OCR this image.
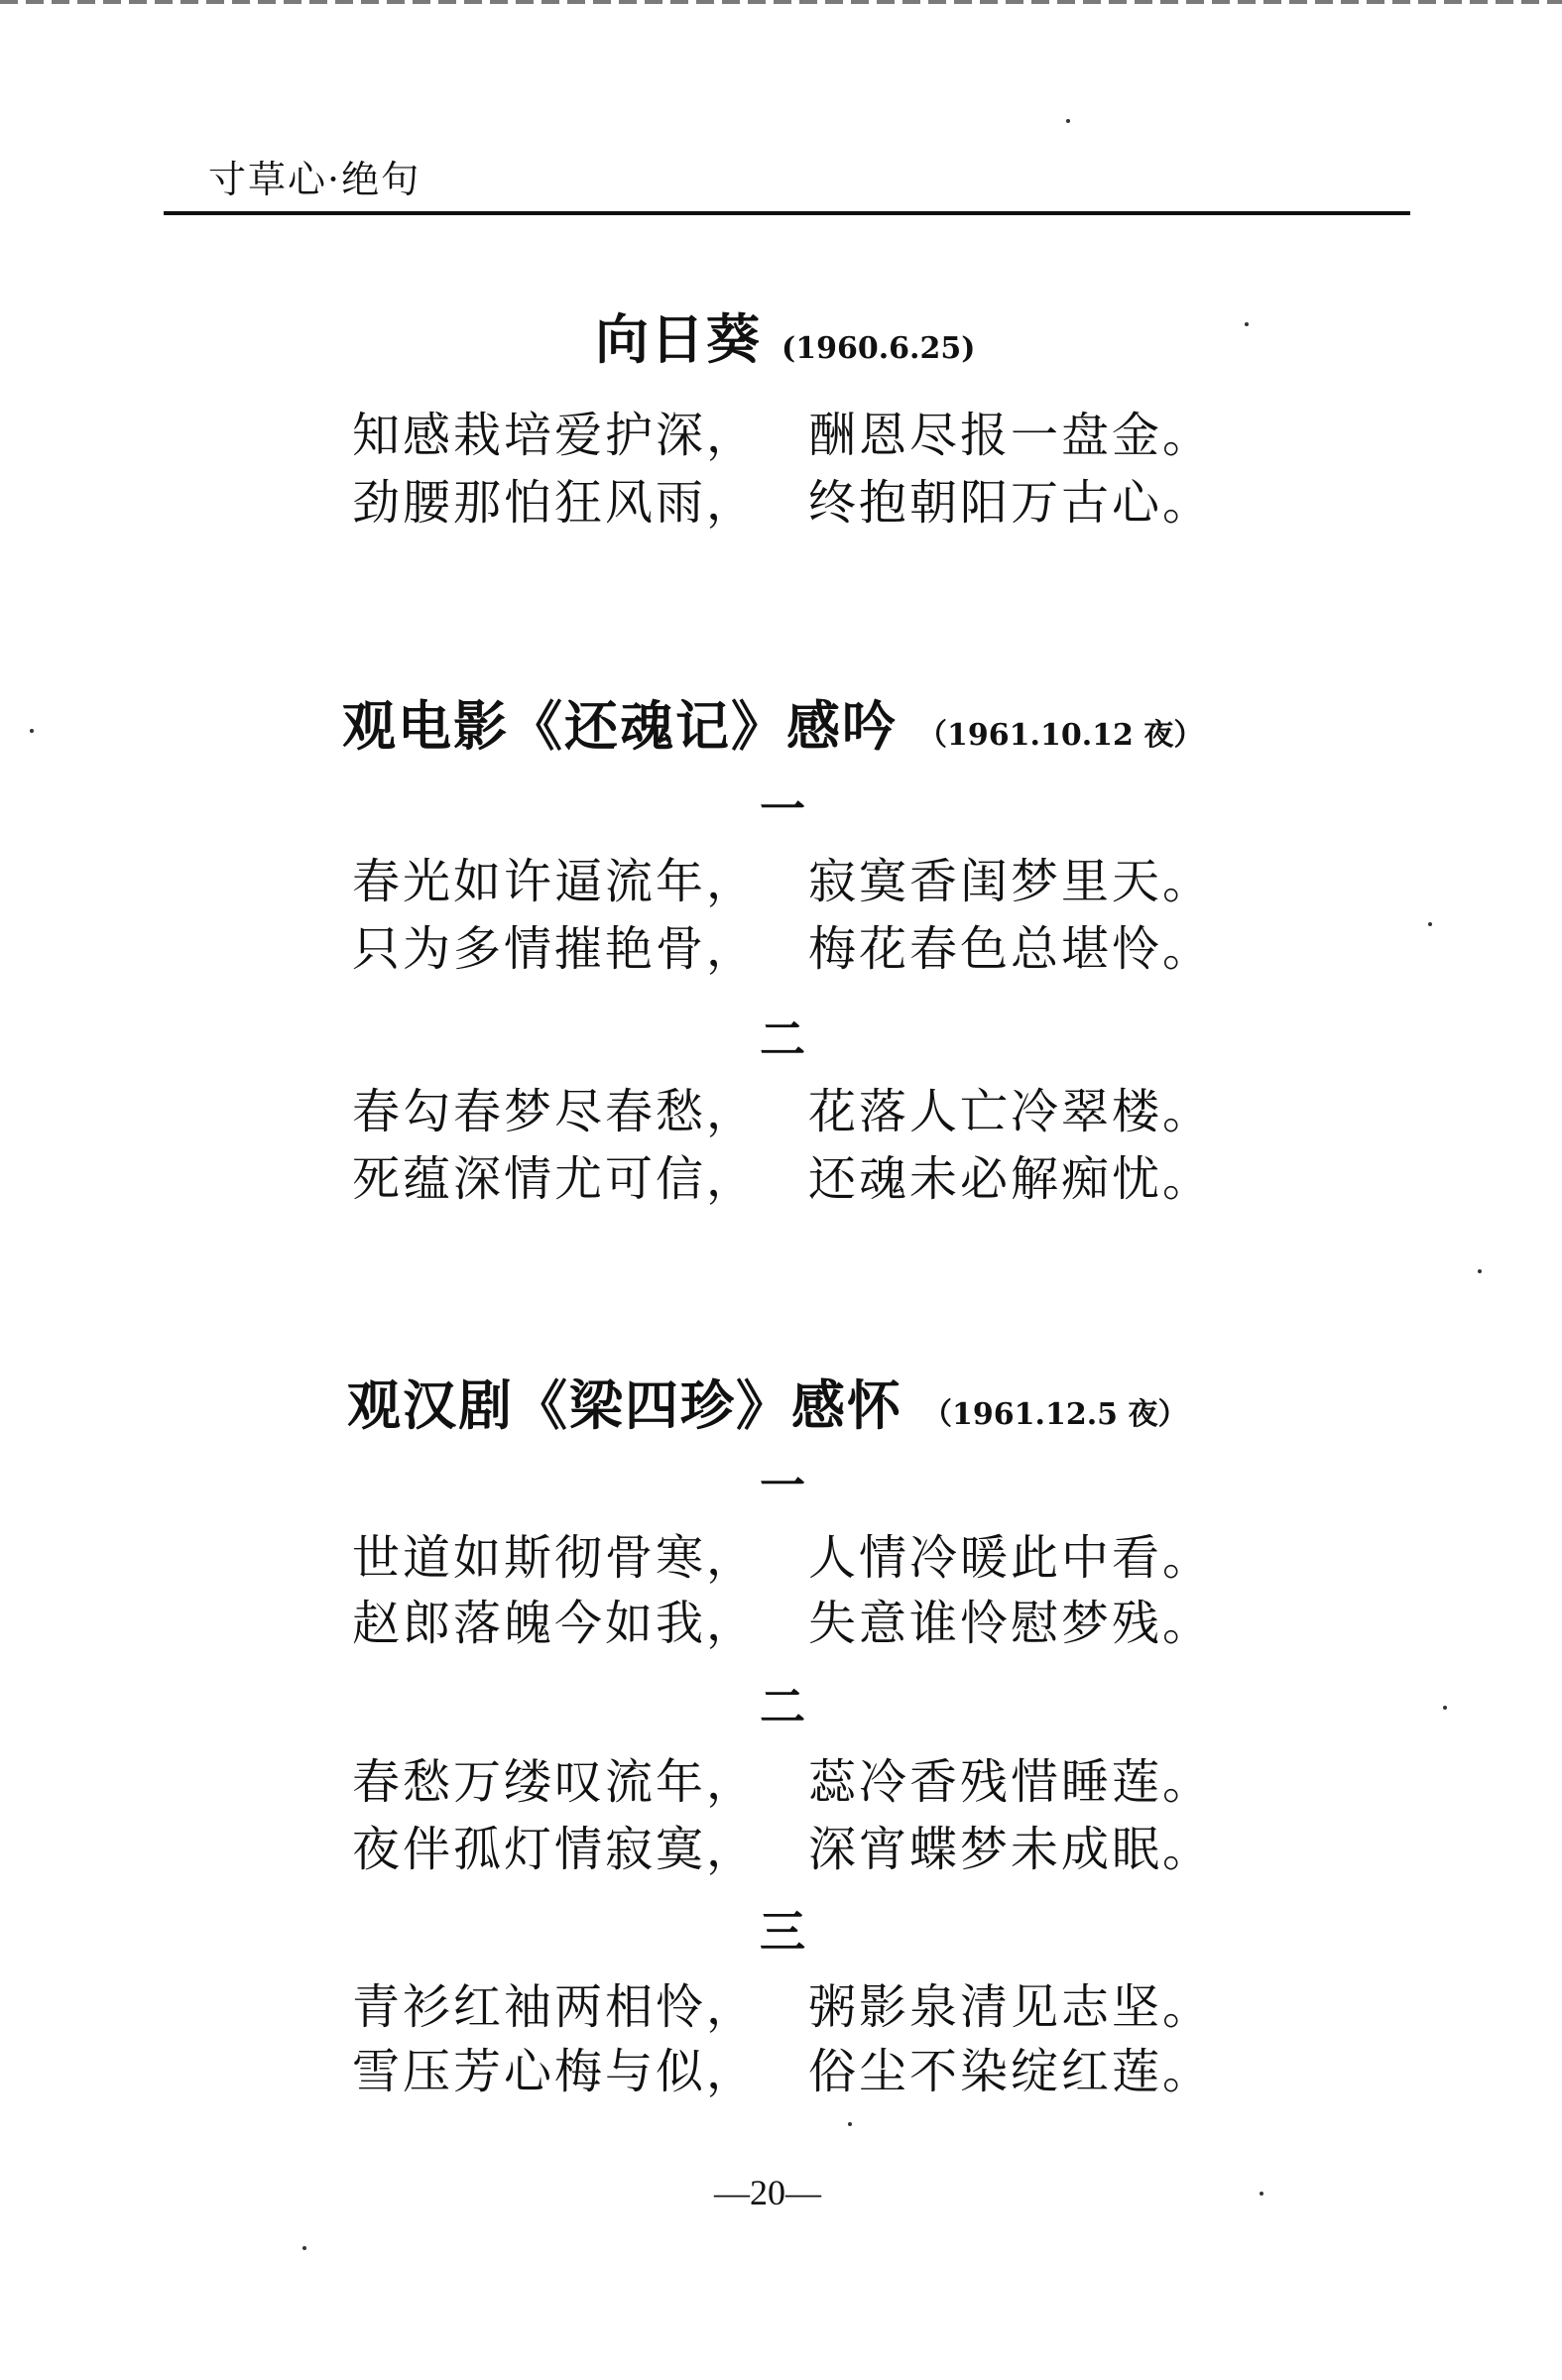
寸草心·绝句
向日葵 (1960.6.25)
知感栽培爱护深， 酬恩尽报一盘金。
劲腰那怕狂风雨， 终抱朝阳万古心。
观电影《还魂记》感吟 （1961.10.12 夜）
一
春光如许逼流年， 寂寞香闺梦里天。
只为多情摧艳骨， 梅花春色总堪怜。
二
春勾春梦尽春愁， 花落人亡冷翠楼。
死蕴深情尤可信， 还魂未必解痴忧。
观汉剧《梁四珍》感怀 （1961.12.5 夜）
一
世道如斯彻骨寒， 人情冷暖此中看。
赵郎落魄今如我， 失意谁怜慰梦残。
二
春愁万缕叹流年， 蕊冷香残惜睡莲。
夜伴孤灯情寂寞， 深宵蝶梦未成眠。
三
青衫红袖两相怜， 粥影泉清见志坚。
雪压芳心梅与似， 俗尘不染绽红莲。
—20—
